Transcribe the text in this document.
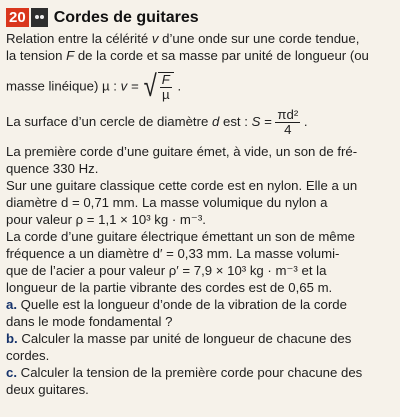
20 Cordes de guitares

Relation entre la célérité v d’une onde sur une corde tendue,

la tension F de la corde et sa masse par unité de longueur (ou

masse linéique) µ : v = √ $\frac{F}{\text{µ}}$ .

La surface d’un cercle de diamètre d est : $S = \frac{\text{πd²}}{4}$ .

La première corde d’une guitare émet, à vide, un son de fré-

quence 330 Hz.

Sur une guitare classique cette corde est en nylon. Elle a un

diamètre d = 0,71 mm. La masse volumique du nylon a

pour valeur ρ = 1,1 × 10³ kg · m⁻³.

La corde d’une guitare électrique émettant un son de même

fréquence a un diamètre d′ = 0,33 mm. La masse volumi-

que de l’acier a pour valeur ρ′ = 7,9 × 10³ kg · m⁻³ et la

longueur de la partie vibrante des cordes est de 0,65 m.

a. Quelle est la longueur d’onde de la vibration de la corde

dans le mode fondamental ?

b. Calculer la masse par unité de longueur de chacune des

cordes.

c. Calculer la tension de la première corde pour chacune des

deux guitares.
